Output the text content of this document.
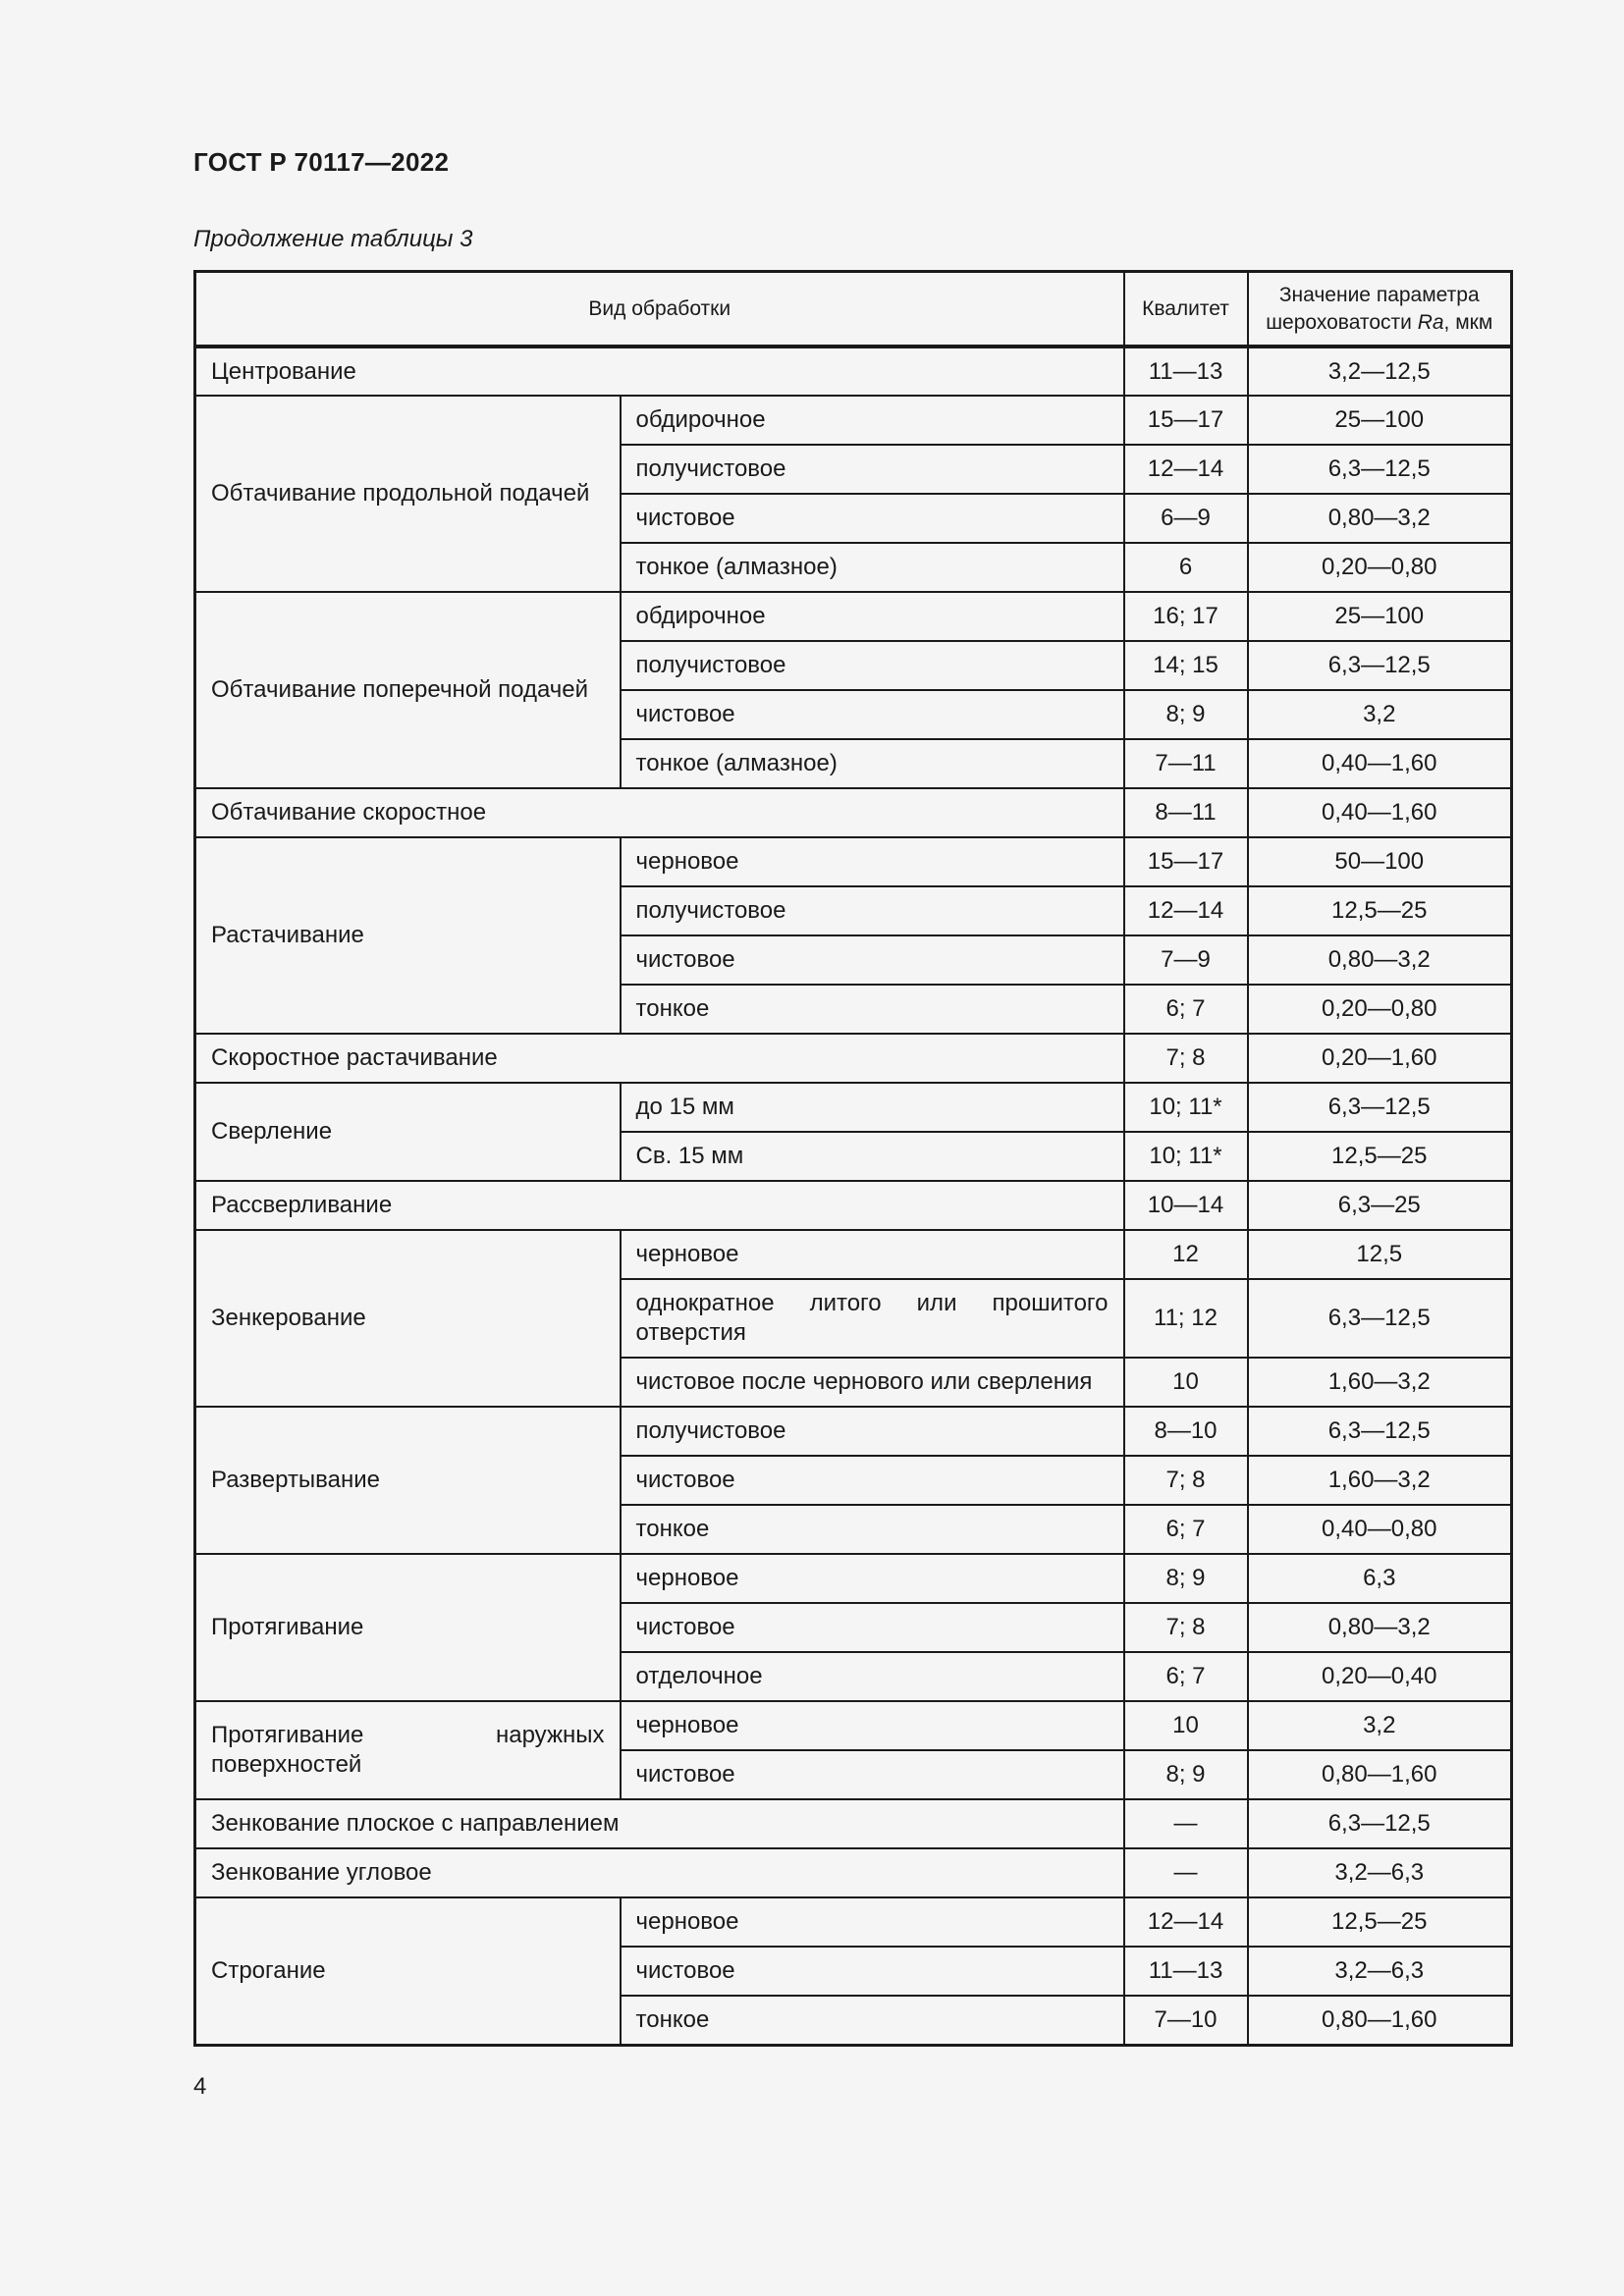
ГОСТ Р 70117—2022
Продолжение таблицы 3
Вид обработки		Квалитет	Значение параметра
шероховатости Ra, мкм
Центрование		11—13	3,2—12,5
Обтачивание продольной подачей	обдирочное	15—17	25—100
	получистовое	12—14	6,3—12,5
	чистовое	6—9	0,80—3,2
	тонкое (алмазное)	6	0,20—0,80
Обтачивание поперечной подачей	обдирочное	16; 17	25—100
	получистовое	14; 15	6,3—12,5
	чистовое	8; 9	3,2
	тонкое (алмазное)	7—11	0,40—1,60
Обтачивание скоростное		8—11	0,40—1,60
Растачивание	черновое	15—17	50—100
	получистовое	12—14	12,5—25
	чистовое	7—9	0,80—3,2
	тонкое	6; 7	0,20—0,80
Скоростное растачивание		7; 8	0,20—1,60
Сверление	до 15 мм	10; 11*	6,3—12,5
	Св. 15 мм	10; 11*	12,5—25
Рассверливание		10—14	6,3—25
Зенкерование	черновое	12	12,5
	однократное литого или прошитого отверстия	11; 12	6,3—12,5
	чистовое после чернового или сверления	10	1,60—3,2
Развертывание	получистовое	8—10	6,3—12,5
	чистовое	7; 8	1,60—3,2
	тонкое	6; 7	0,40—0,80
Протягивание	черновое	8; 9	6,3
	чистовое	7; 8	0,80—3,2
	отделочное	6; 7	0,20—0,40
Протягивание наружных поверхностей	черновое	10	3,2
	чистовое	8; 9	0,80—1,60
Зенкование плоское с направлением		—	6,3—12,5
Зенкование угловое		—	3,2—6,3
Строгание	черновое	12—14	12,5—25
	чистовое	11—13	3,2—6,3
	тонкое	7—10	0,80—1,60
4
